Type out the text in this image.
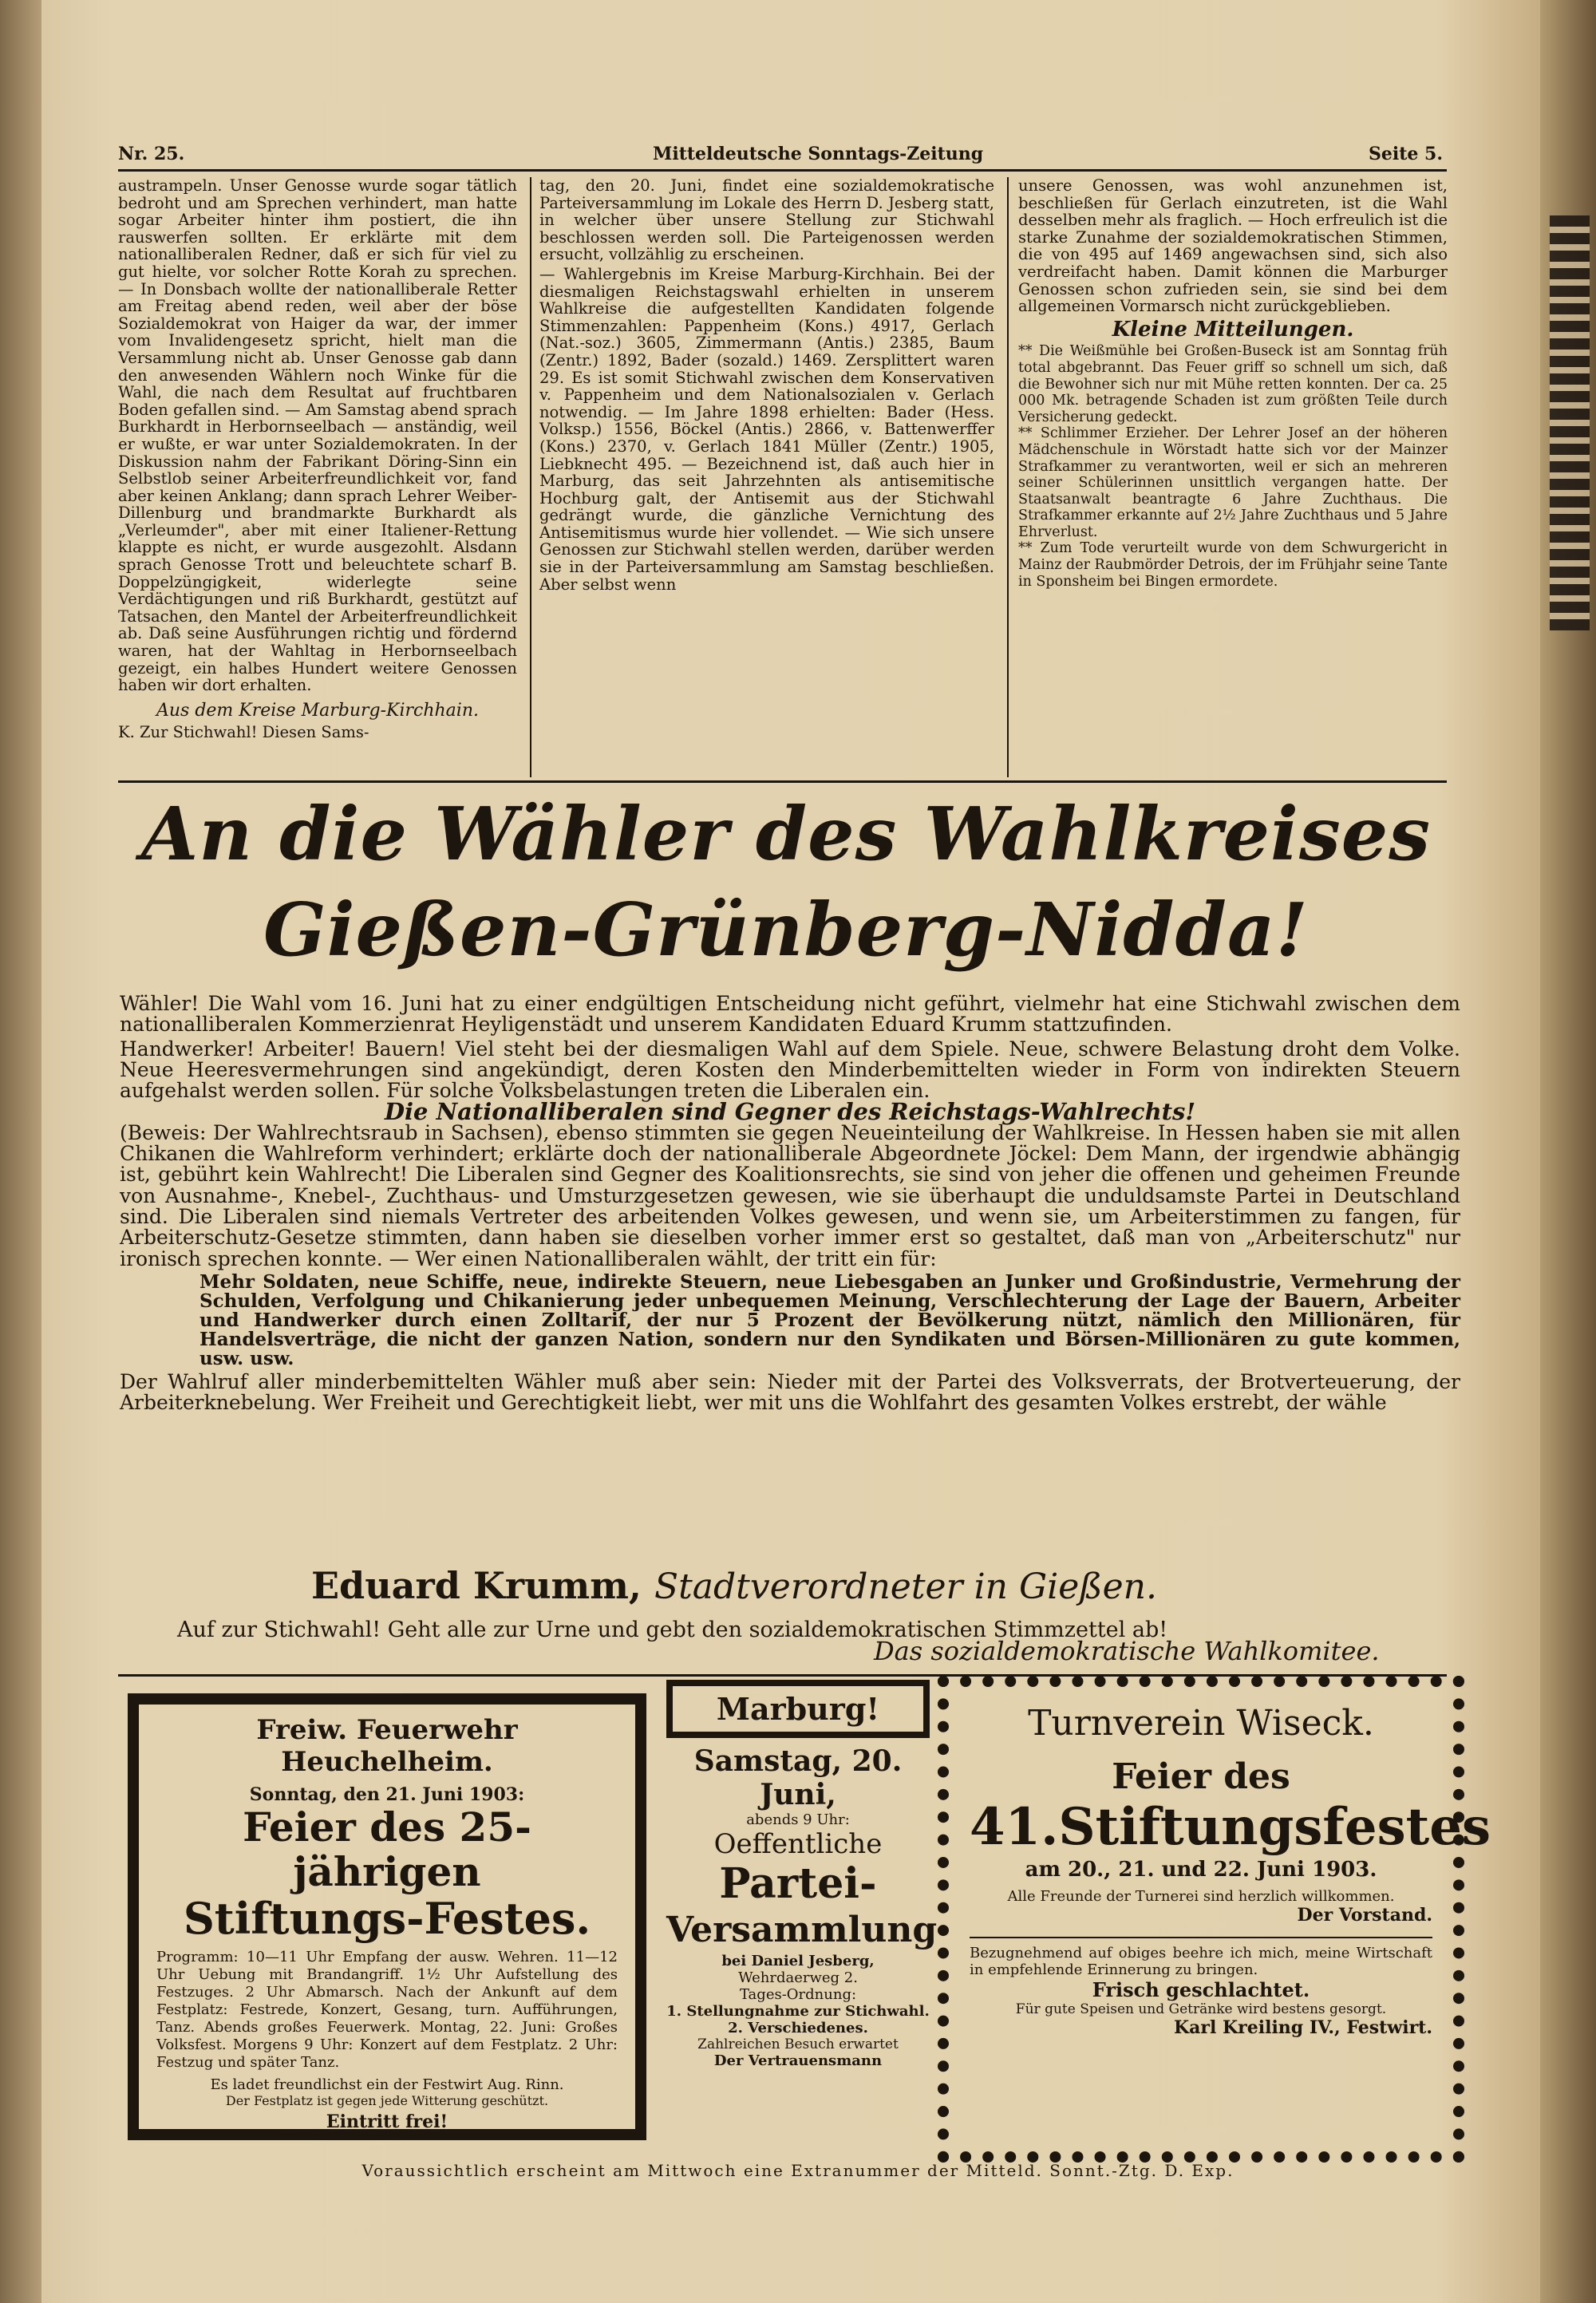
Nr. 25.	Mitteldeutsche Sonntags-Zeitung	Seite 5.

austrampeln. Unser Genosse wurde sogar tätlich bedroht und am Sprechen verhindert, man hatte sogar Arbeiter hinter ihm postiert, die ihn rauswerfen sollten. Er erklärte mit dem nationalliberalen Redner, daß er sich für viel zu gut hielte, vor solcher Rotte Korah zu sprechen. — In Donsbach wollte der nationalliberale Retter am Freitag abend reden, weil aber der böse Sozialdemokrat von Haiger da war, der immer vom Invalidengesetz spricht, hielt man die Versammlung nicht ab. Unser Genosse gab dann den anwesenden Wählern noch Winke für die Wahl, die nach dem Resultat auf fruchtbaren Boden gefallen sind. — Am Samstag abend sprach Burkhardt in Herbornseelbach — anständig, weil er wußte, er war unter Sozialdemokraten. In der Diskussion nahm der Fabrikant Döring-Sinn ein Selbstlob seiner Arbeiterfreundlichkeit vor, fand aber keinen Anklang; dann sprach Lehrer Weiber-Dillenburg und brandmarkte Burkhardt als „Verleumder", aber mit einer Italiener-Rettung klappte es nicht, er wurde ausgezohlt. Alsdann sprach Genosse Trott und beleuchtete scharf B. Doppelzüngigkeit, widerlegte seine Verdächtigungen und riß Burkhardt, gestützt auf Tatsachen, den Mantel der Arbeiterfreundlichkeit ab. Daß seine Ausführungen richtig und fördernd waren, hat der Wahltag in Herbornseelbach gezeigt, ein halbes Hundert weitere Genossen haben wir dort erhalten.

Aus dem Kreise Marburg-Kirchhain.

K. Zur Stichwahl! Diesen Sams-

tag, den 20. Juni, findet eine sozialdemokratische Parteiversammlung im Lokale des Herrn D. Jesberg statt, in welcher über unsere Stellung zur Stichwahl beschlossen werden soll. Die Parteigenossen werden ersucht, vollzählig zu erscheinen.

— Wahlergebnis im Kreise Marburg-Kirchhain. Bei der diesmaligen Reichstagswahl erhielten in unserem Wahlkreise die aufgestellten Kandidaten folgende Stimmenzahlen: Pappenheim (Kons.) 4917, Gerlach (Nat.-soz.) 3605, Zimmermann (Antis.) 2385, Baum (Zentr.) 1892, Bader (sozald.) 1469. Zersplittert waren 29. Es ist somit Stichwahl zwischen dem Konservativen v. Pappenheim und dem Nationalsozialen v. Gerlach notwendig. — Im Jahre 1898 erhielten: Bader (Hess. Volksp.) 1556, Böckel (Antis.) 2866, v. Battenwerffer (Kons.) 2370, v. Gerlach 1841 Müller (Zentr.) 1905, Liebknecht 495. — Bezeichnend ist, daß auch hier in Marburg, das seit Jahrzehnten als antisemitische Hochburg galt, der Antisemit aus der Stichwahl gedrängt wurde, die gänzliche Vernichtung des Antisemitismus wurde hier vollendet. — Wie sich unsere Genossen zur Stichwahl stellen werden, darüber werden sie in der Parteiversammlung am Samstag beschließen. Aber selbst wenn

unsere Genossen, was wohl anzunehmen ist, beschließen für Gerlach einzutreten, ist die Wahl desselben mehr als fraglich. — Hoch erfreulich ist die starke Zunahme der sozialdemokratischen Stimmen, die von 495 auf 1469 angewachsen sind, sich also verdreifacht haben. Damit können die Marburger Genossen schon zufrieden sein, sie sind bei dem allgemeinen Vormarsch nicht zurückgeblieben.

Kleine Mitteilungen.

** Die Weißmühle bei Großen-Buseck ist am Sonntag früh total abgebrannt. Das Feuer griff so schnell um sich, daß die Bewohner sich nur mit Mühe retten konnten. Der ca. 25 000 Mk. betragende Schaden ist zum größten Teile durch Versicherung gedeckt.

** Schlimmer Erzieher. Der Lehrer Josef an der höheren Mädchenschule in Wörstadt hatte sich vor der Mainzer Strafkammer zu verantworten, weil er sich an mehreren seiner Schülerinnen unsittlich vergangen hatte. Der Staatsanwalt beantragte 6 Jahre Zuchthaus. Die Strafkammer erkannte auf 2½ Jahre Zuchthaus und 5 Jahre Ehrverlust.

** Zum Tode verurteilt wurde von dem Schwurgericht in Mainz der Raubmörder Detrois, der im Frühjahr seine Tante in Sponsheim bei Bingen ermordete.

An die Wähler des Wahlkreises
Gießen-Grünberg-Nidda!

Wähler! Die Wahl vom 16. Juni hat zu einer endgültigen Entscheidung nicht geführt, vielmehr hat eine Stichwahl zwischen dem nationalliberalen Kommerzienrat Heyligenstädt und unserem Kandidaten Eduard Krumm stattzufinden.

Handwerker! Arbeiter! Bauern! Viel steht bei der diesmaligen Wahl auf dem Spiele. Neue, schwere Belastung droht dem Volke. Neue Heeresvermehrungen sind angekündigt, deren Kosten den Minderbemittelten wieder in Form von indirekten Steuern aufgehalst werden sollen. Für solche Volksbelastungen treten die Liberalen ein.

Die Nationalliberalen sind Gegner des Reichstags-Wahlrechts!

(Beweis: Der Wahlrechtsraub in Sachsen), ebenso stimmten sie gegen Neueinteilung der Wahlkreise. In Hessen haben sie mit allen Chikanen die Wahlreform verhindert; erklärte doch der nationalliberale Abgeordnete Jöckel: Dem Mann, der irgendwie abhängig ist, gebührt kein Wahlrecht! Die Liberalen sind Gegner des Koalitionsrechts, sie sind von jeher die offenen und geheimen Freunde von Ausnahme-, Knebel-, Zuchthaus- und Umsturzgesetzen gewesen, wie sie überhaupt die unduldsamste Partei in Deutschland sind. Die Liberalen sind niemals Vertreter des arbeitenden Volkes gewesen, und wenn sie, um Arbeiterstimmen zu fangen, für Arbeiterschutz-Gesetze stimmten, dann haben sie dieselben vorher immer erst so gestaltet, daß man von „Arbeiterschutz" nur ironisch sprechen konnte. — Wer einen Nationalliberalen wählt, der tritt ein für:

Mehr Soldaten, neue Schiffe, neue, indirekte Steuern, neue Liebesgaben an Junker und Großindustrie, Vermehrung der Schulden, Verfolgung und Chikanierung jeder unbequemen Meinung, Verschlechterung der Lage der Bauern, Arbeiter und Handwerker durch einen Zolltarif, der nur 5 Prozent der Bevölkerung nützt, nämlich den Millionären, für Handelsverträge, die nicht der ganzen Nation, sondern nur den Syndikaten und Börsen-Millionären zu gute kommen, usw. usw.

Der Wahlruf aller minderbemittelten Wähler muß aber sein: Nieder mit der Partei des Volksverrats, der Brotverteuerung, der Arbeiterknebelung. Wer Freiheit und Gerechtigkeit liebt, wer mit uns die Wohlfahrt des gesamten Volkes erstrebt, der wähle

Eduard Krumm, Stadtverordneter in Gießen.
Auf zur Stichwahl! Geht alle zur Urne und gebt den sozialdemokratischen Stimmzettel ab!
Das sozialdemokratische Wahlkomitee.

Freiw. Feuerwehr Heuchelheim.

Sonntag, den 21. Juni 1903:

Feier des 25-jährigen

Stiftungs-Festes.

Programm: 10—11 Uhr Empfang der ausw. Wehren. 11—12 Uhr Uebung mit Brandangriff. 1½ Uhr Aufstellung des Festzuges. 2 Uhr Abmarsch. Nach der Ankunft auf dem Festplatz: Festrede, Konzert, Gesang, turn. Aufführungen, Tanz. Abends großes Feuerwerk. Montag, 22. Juni: Großes Volksfest. Morgens 9 Uhr: Konzert auf dem Festplatz. 2 Uhr: Festzug und später Tanz.

Es ladet freundlichst ein der Festwirt Aug. Rinn.

Der Festplatz ist gegen jede Witterung geschützt.

Eintritt frei!

Marburg!

Samstag, 20. Juni,

abends 9 Uhr:

Oeffentliche

Partei-

Versammlung

bei Daniel Jesberg,

Wehrdaerweg 2.

Tages-Ordnung:

1. Stellungnahme zur Stichwahl.

2. Verschiedenes.

Zahlreichen Besuch erwartet

Der Vertrauensmann

Turnverein Wiseck.

Feier des

41.Stiftungsfestes

am 20., 21. und 22. Juni 1903.

Alle Freunde der Turnerei sind herzlich willkommen.

Der Vorstand.

Bezugnehmend auf obiges beehre ich mich, meine Wirtschaft in empfehlende Erinnerung zu bringen.

Frisch geschlachtet.

Für gute Speisen und Getränke wird bestens gesorgt.

Karl Kreiling IV., Festwirt.

Voraussichtlich erscheint am Mittwoch eine Extranummer der Mitteld. Sonnt.-Ztg. D. Exp.
